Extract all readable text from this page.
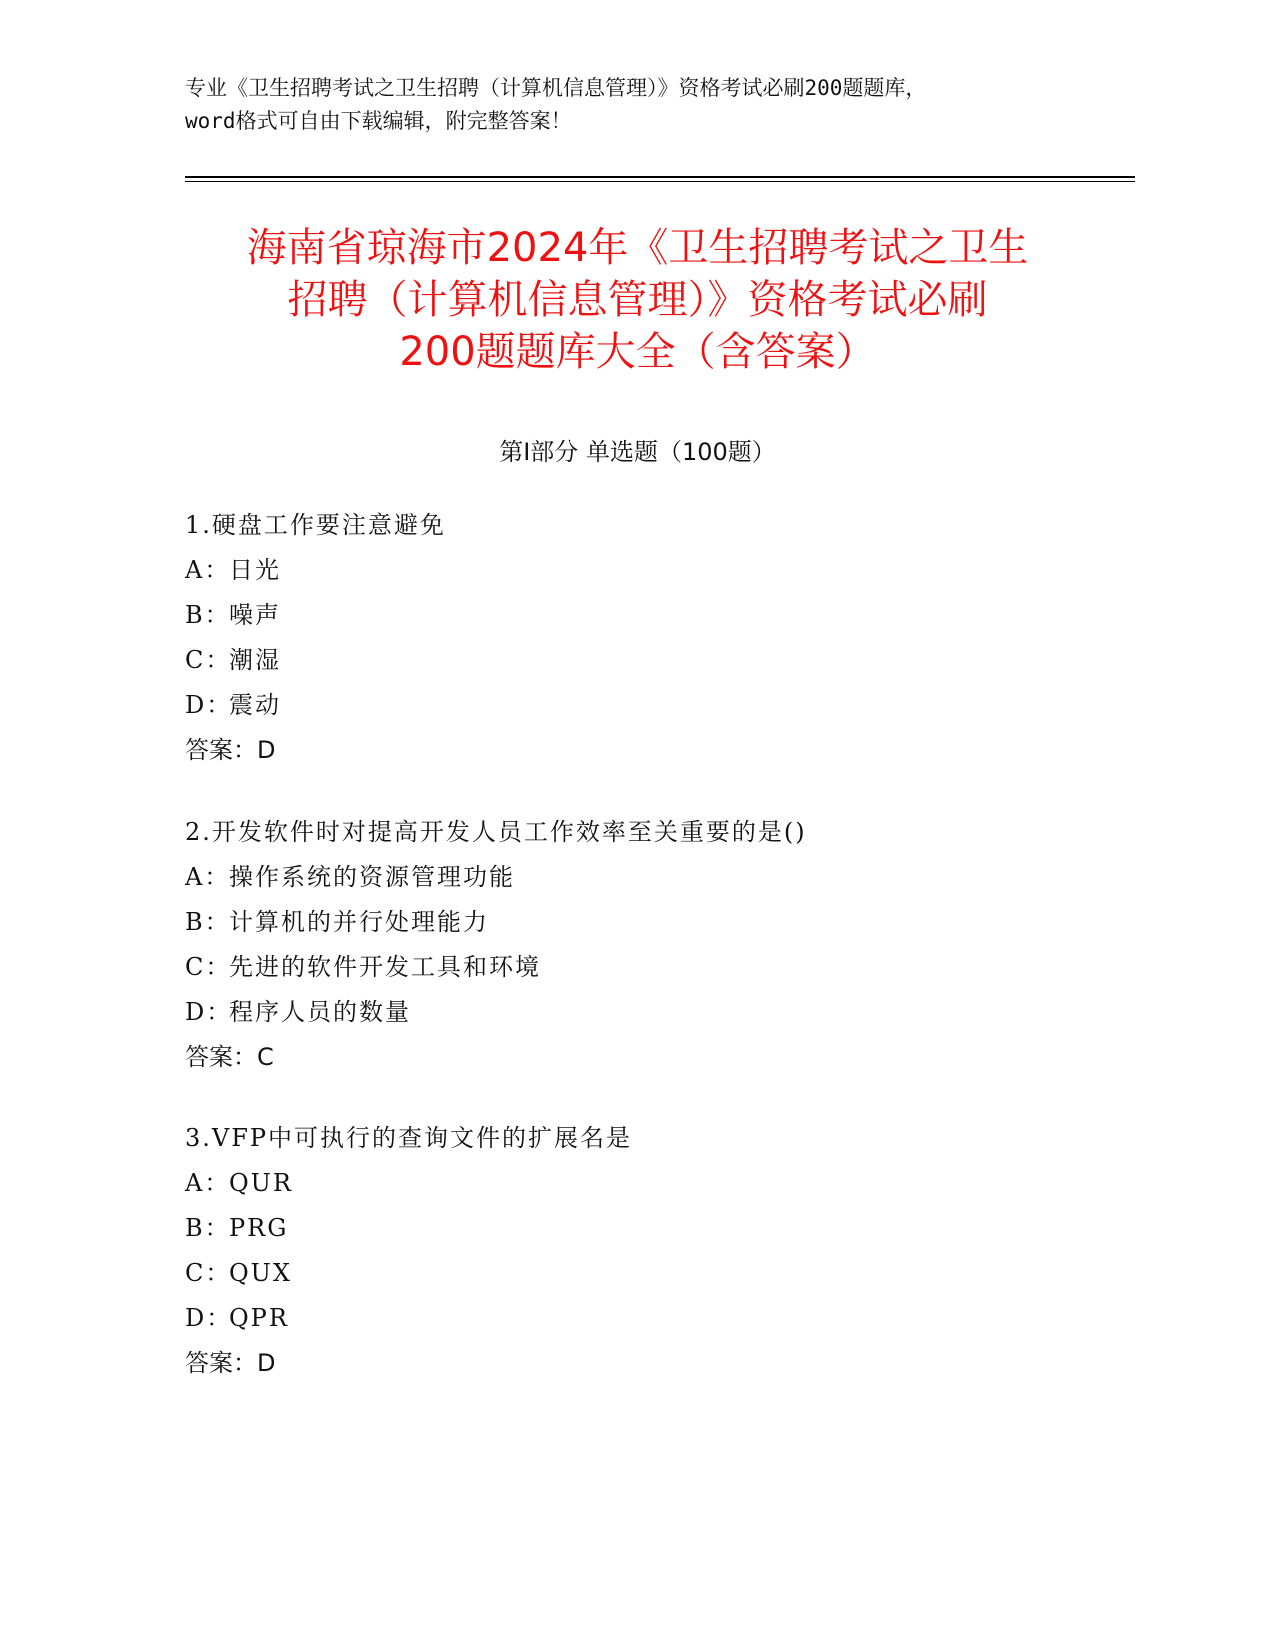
专业《卫生招聘考试之卫生招聘（计算机信息管理）》资格考试必刷200题题库，
word格式可自由下载编辑，附完整答案！
海南省琼海市2024年《卫生招聘考试之卫生
招聘（计算机信息管理）》资格考试必刷
200题题库大全（含答案）
第Ⅰ部分 单选题（100题）
1.硬盘工作要注意避免
A：日光
B：噪声
C：潮湿
D：震动
答案：D
2.开发软件时对提高开发人员工作效率至关重要的是()
A：操作系统的资源管理功能
B：计算机的并行处理能力
C：先进的软件开发工具和环境
D：程序人员的数量
答案：C
3.VFP中可执行的查询文件的扩展名是
A：QUR
B：PRG
C：QUX
D：QPR
答案：D
